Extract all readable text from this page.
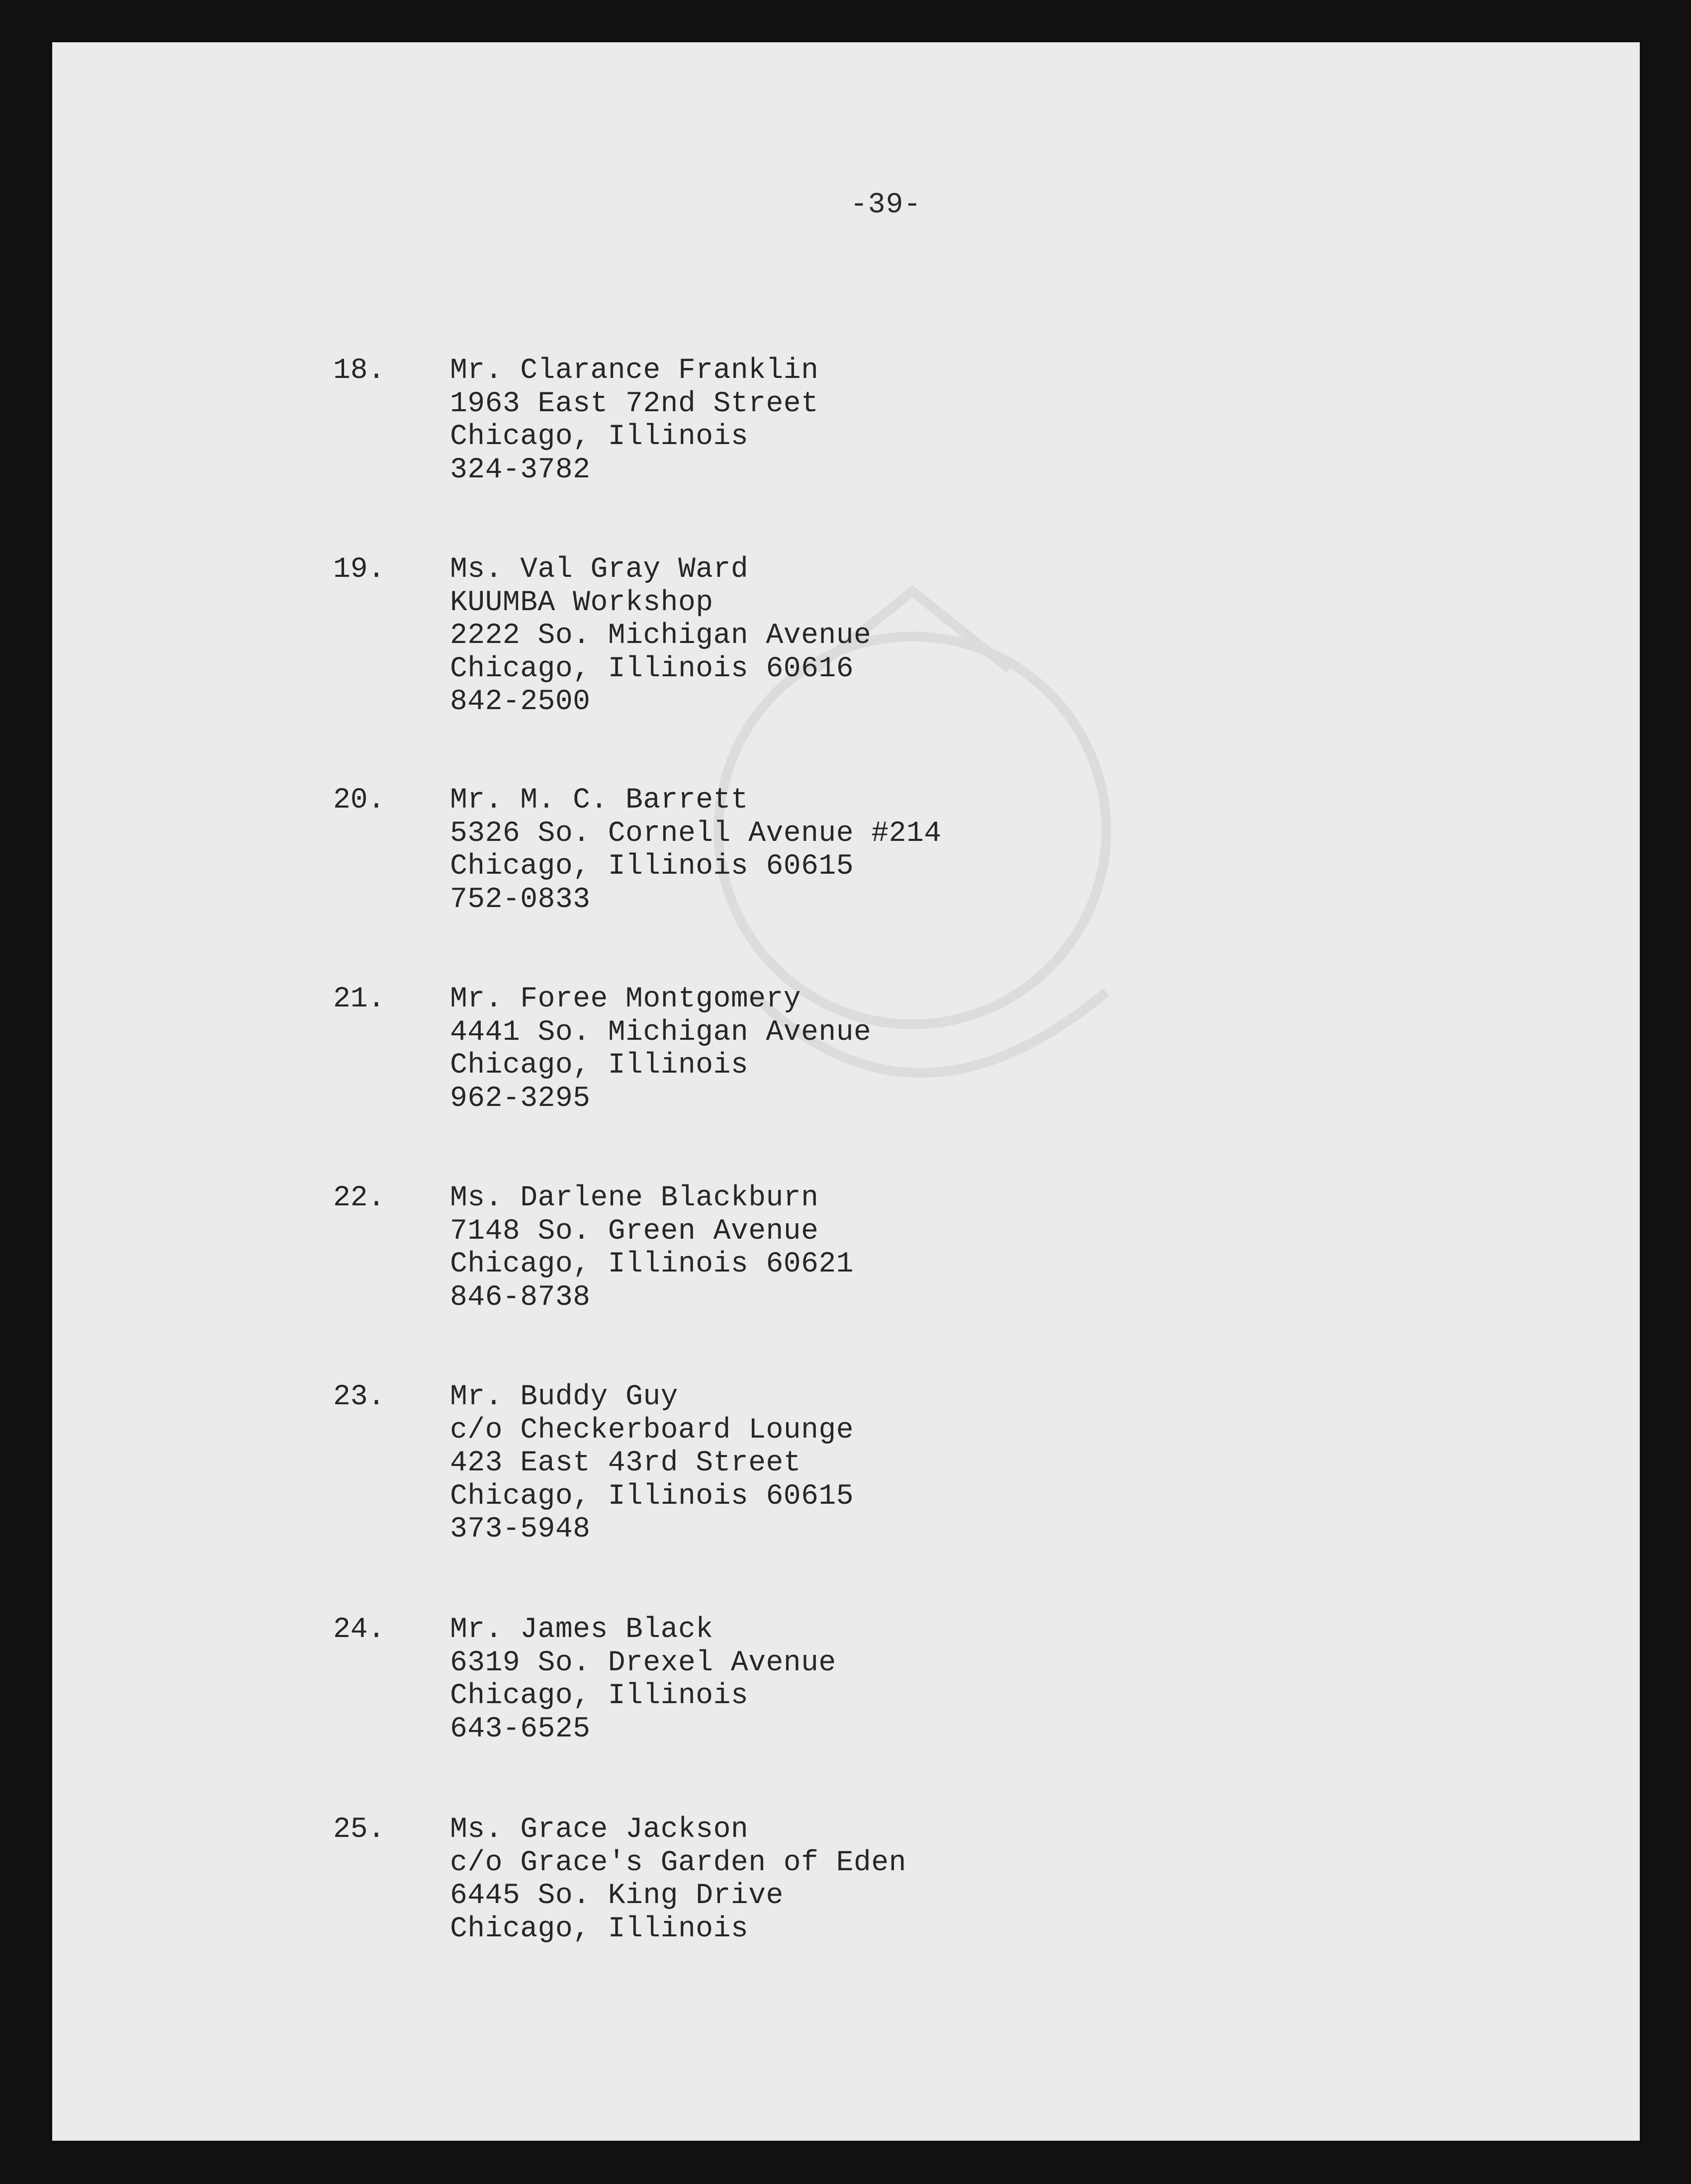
-39-
18.	Mr. Clarance Franklin
1963 East 72nd Street
Chicago, Illinois
324-3782
19.	Ms. Val Gray Ward
KUUMBA Workshop
2222 So. Michigan Avenue
Chicago, Illinois 60616
842-2500
20.	Mr. M. C. Barrett
5326 So. Cornell Avenue #214
Chicago, Illinois 60615
752-0833
21.	Mr. Foree Montgomery
4441 So. Michigan Avenue
Chicago, Illinois
962-3295
22.	Ms. Darlene Blackburn
7148 So. Green Avenue
Chicago, Illinois 60621
846-8738
23.	Mr. Buddy Guy
c/o Checkerboard Lounge
423 East 43rd Street
Chicago, Illinois 60615
373-5948
24.	Mr. James Black
6319 So. Drexel Avenue
Chicago, Illinois
643-6525
25.	Ms. Grace Jackson
c/o Grace's Garden of Eden
6445 So. King Drive
Chicago, Illinois
